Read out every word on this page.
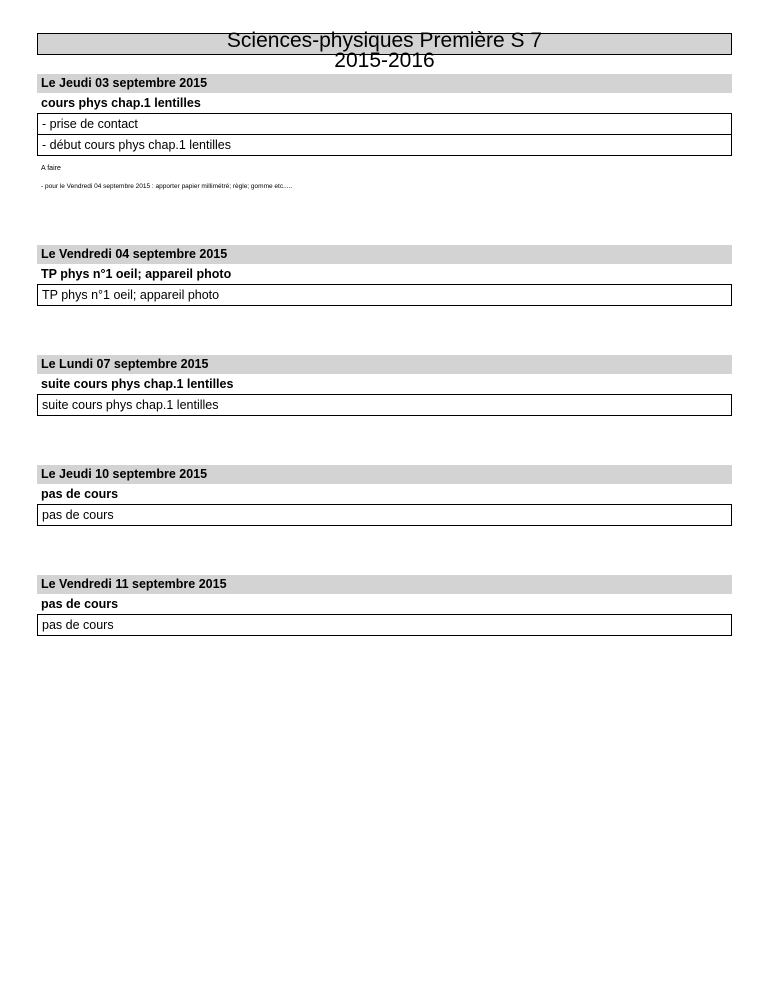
Sciences-physiques Première S 7
2015-2016
Le Jeudi 03 septembre 2015
cours phys chap.1 lentilles
- prise de contact
- début cours phys chap.1 lentilles
A faire
- pour le Vendredi 04 septembre 2015 : apporter papier millimétré; règle; gomme etc.....
Le Vendredi 04 septembre 2015
TP phys n°1 oeil; appareil photo
TP phys n°1 oeil; appareil photo
Le Lundi 07 septembre 2015
suite cours phys chap.1 lentilles
suite cours phys chap.1 lentilles
Le Jeudi 10 septembre 2015
pas de cours
pas de cours
Le Vendredi 11 septembre 2015
pas de cours
pas de cours
